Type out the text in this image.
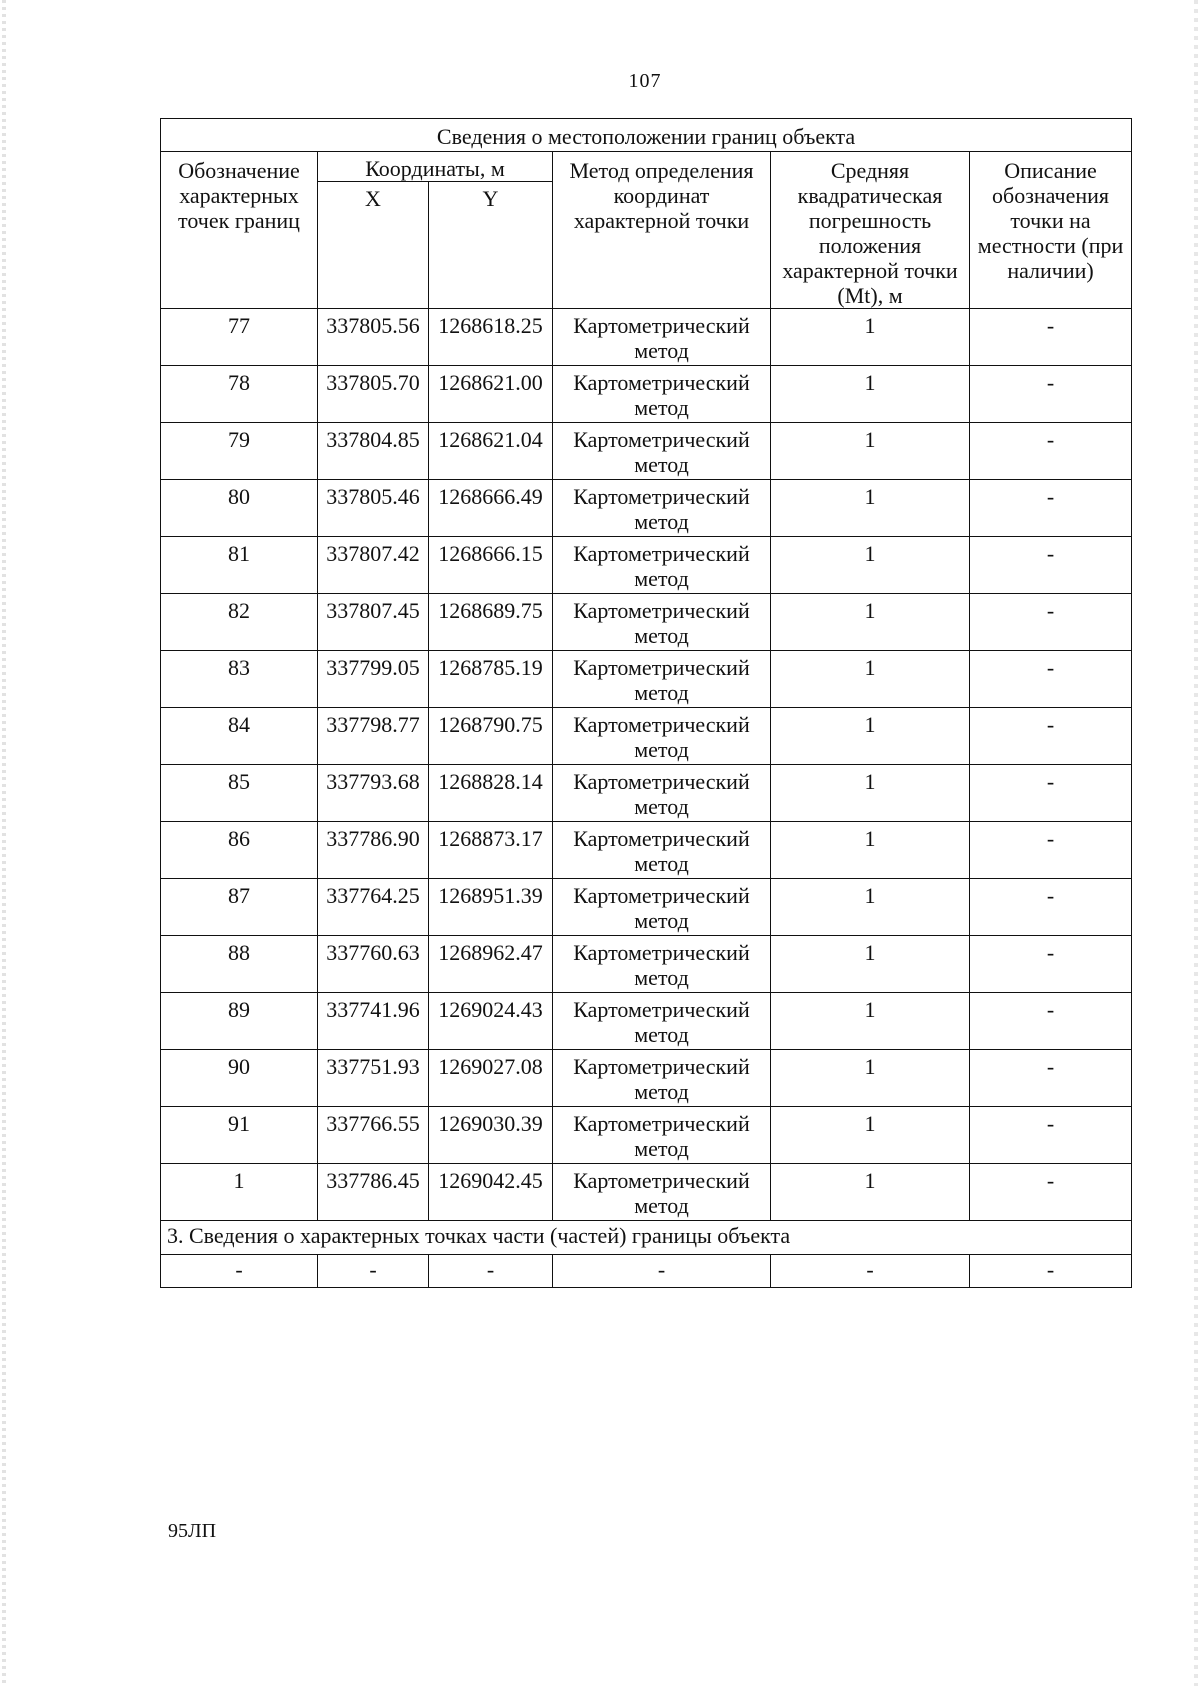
107
Сведения о местоположении границ объекта					
Обозначение характерных точек границ	Координаты, м		Метод определения координат характерной точки	Средняя квадратическая погрешность положения характерной точки (Mt), м	Описание обозначения точки на местности (при наличии)
	X	Y			
77	337805.56	1268618.25	Картометрический метод	1	-
78	337805.70	1268621.00	Картометрический метод	1	-
79	337804.85	1268621.04	Картометрический метод	1	-
80	337805.46	1268666.49	Картометрический метод	1	-
81	337807.42	1268666.15	Картометрический метод	1	-
82	337807.45	1268689.75	Картометрический метод	1	-
83	337799.05	1268785.19	Картометрический метод	1	-
84	337798.77	1268790.75	Картометрический метод	1	-
85	337793.68	1268828.14	Картометрический метод	1	-
86	337786.90	1268873.17	Картометрический метод	1	-
87	337764.25	1268951.39	Картометрический метод	1	-
88	337760.63	1268962.47	Картометрический метод	1	-
89	337741.96	1269024.43	Картометрический метод	1	-
90	337751.93	1269027.08	Картометрический метод	1	-
91	337766.55	1269030.39	Картометрический метод	1	-
1	337786.45	1269042.45	Картометрический метод	1	-
3. Сведения о характерных точках части (частей) границы объекта					
-	-	-	-	-	-
95ЛП
